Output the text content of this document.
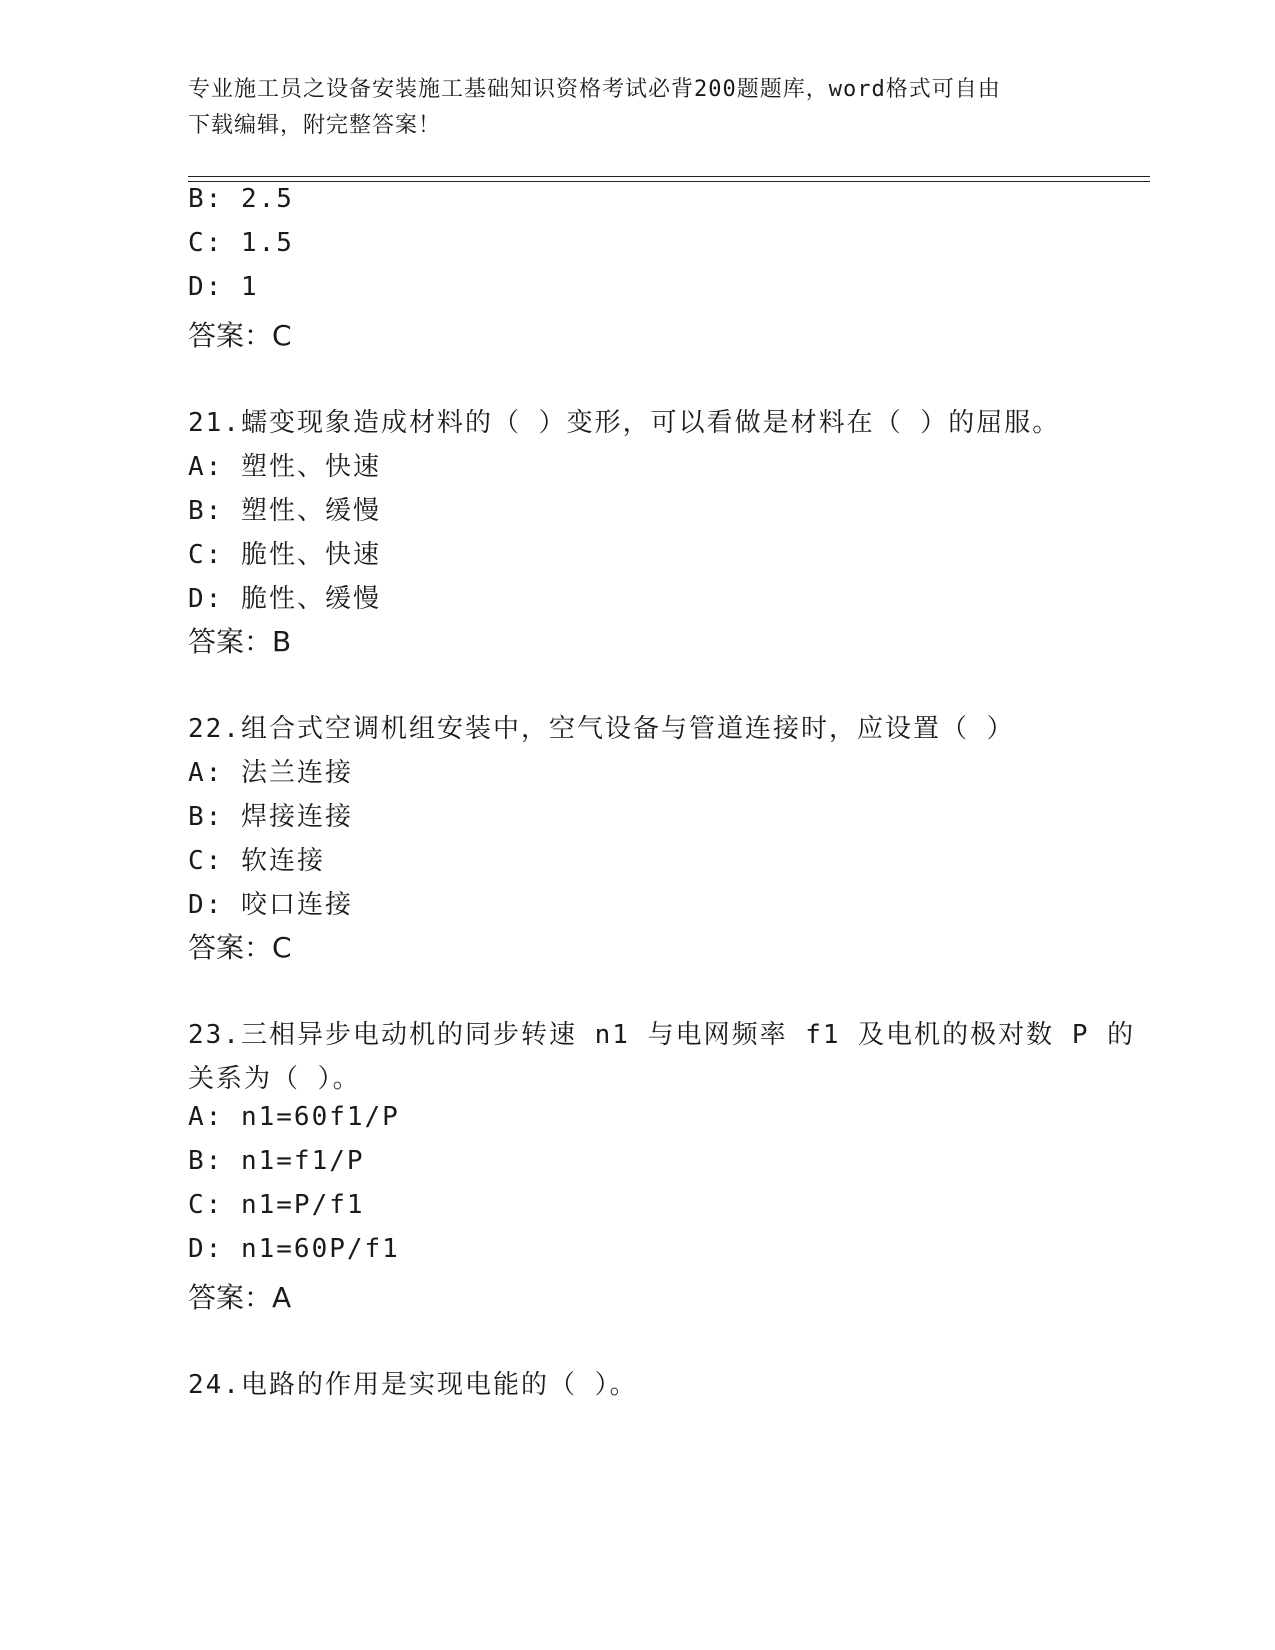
专业施工员之设备安装施工基础知识资格考试必背200题题库，word格式可自由
下载编辑，附完整答案！
B: 2.5
C: 1.5
D: 1
答案：C
21.蠕变现象造成材料的（ ）变形，可以看做是材料在（ ）的屈服。
A: 塑性、快速
B: 塑性、缓慢
C: 脆性、快速
D: 脆性、缓慢
答案：B
22.组合式空调机组安装中，空气设备与管道连接时，应设置（ ）
A: 法兰连接
B: 焊接连接
C: 软连接
D: 咬口连接
答案：C
23.三相异步电动机的同步转速 n1 与电网频率 f1 及电机的极对数 P 的
关系为（ ）。
A: n1=60f1/P
B: n1=f1/P
C: n1=P/f1
D: n1=60P/f1
答案：A
24.电路的作用是实现电能的（ ）。
